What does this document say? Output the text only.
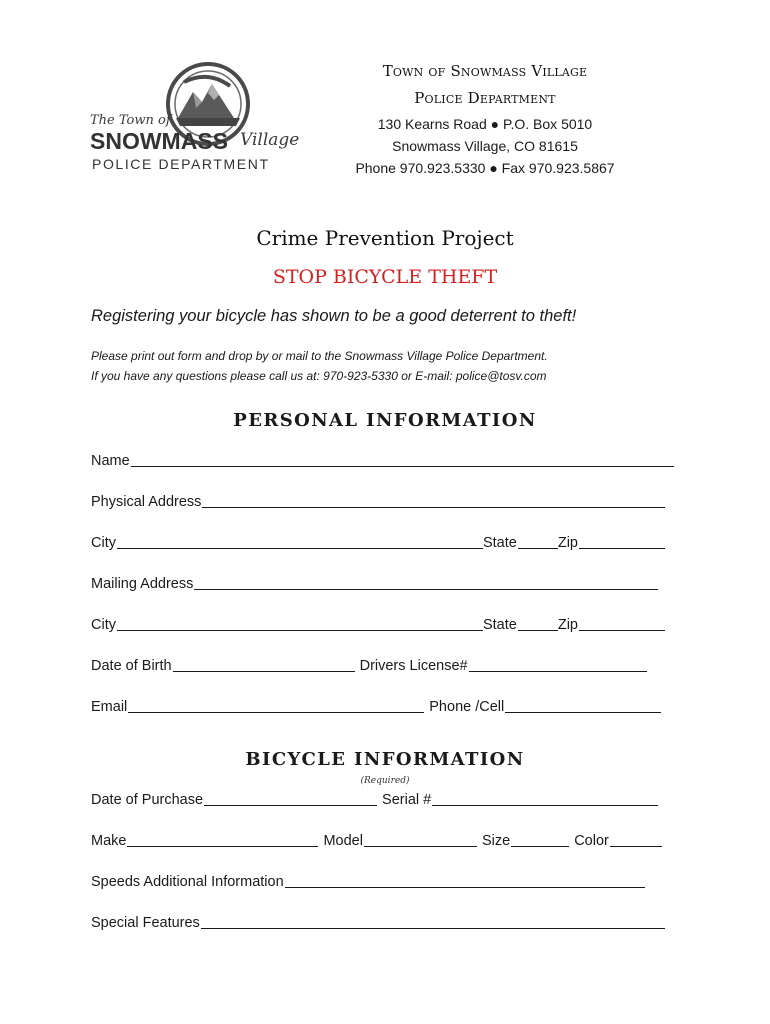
The Town of
SNOWMASS Village
POLICE DEPARTMENT
Town of Snowmass Village
Police Department
130 Kearns Road ● P.O. Box 5010
Snowmass Village, CO 81615
Phone 970.923.5330 ● Fax 970.923.5867
Crime Prevention Project
STOP BICYCLE THEFT
Registering your bicycle has shown to be a good deterrent to theft!
Please print out form and drop by or mail to the Snowmass Village Police Department.
If you have any questions please call us at: 970-923-5330 or E-mail: police@tosv.com
PERSONAL INFORMATION
Name
Physical Address
City	State	Zip
Mailing Address
City	State	Zip
Date of Birth	Drivers License#
Email	Phone /Cell
BICYCLE INFORMATION
(Required)
Date of Purchase	Serial #
Make	Model	Size	Color
Speeds Additional Information
Special Features
